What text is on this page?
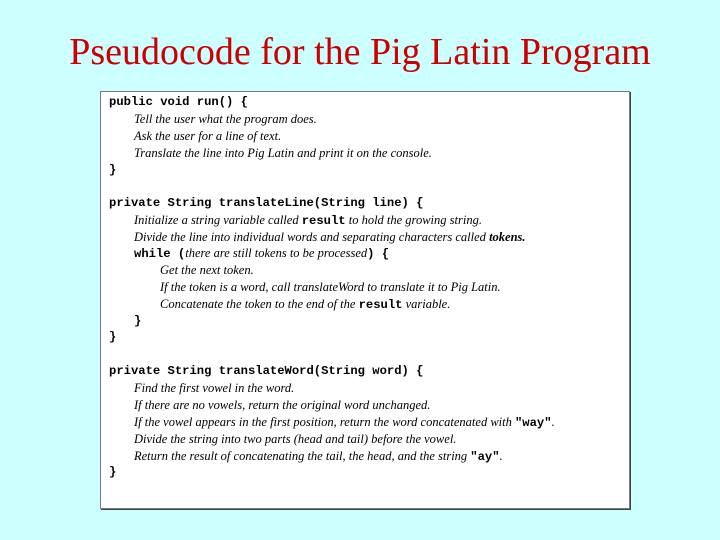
Pseudocode for the Pig Latin Program
public void run() {
Tell the user what the program does.
Ask the user for a line of text.
Translate the line into Pig Latin and print it on the console.
}
private String translateLine(String line) {
Initialize a string variable called result to hold the growing string.
Divide the line into individual words and separating characters called tokens.
while (there are still tokens to be processed) {
Get the next token.
If the token is a word, call translateWord to translate it to Pig Latin.
Concatenate the token to the end of the result variable.
}
}
private String translateWord(String word) {
Find the first vowel in the word.
If there are no vowels, return the original word unchanged.
If the vowel appears in the first position, return the word concatenated with "way".
Divide the string into two parts (head and tail) before the vowel.
Return the result of concatenating the tail, the head, and the string "ay".
}
